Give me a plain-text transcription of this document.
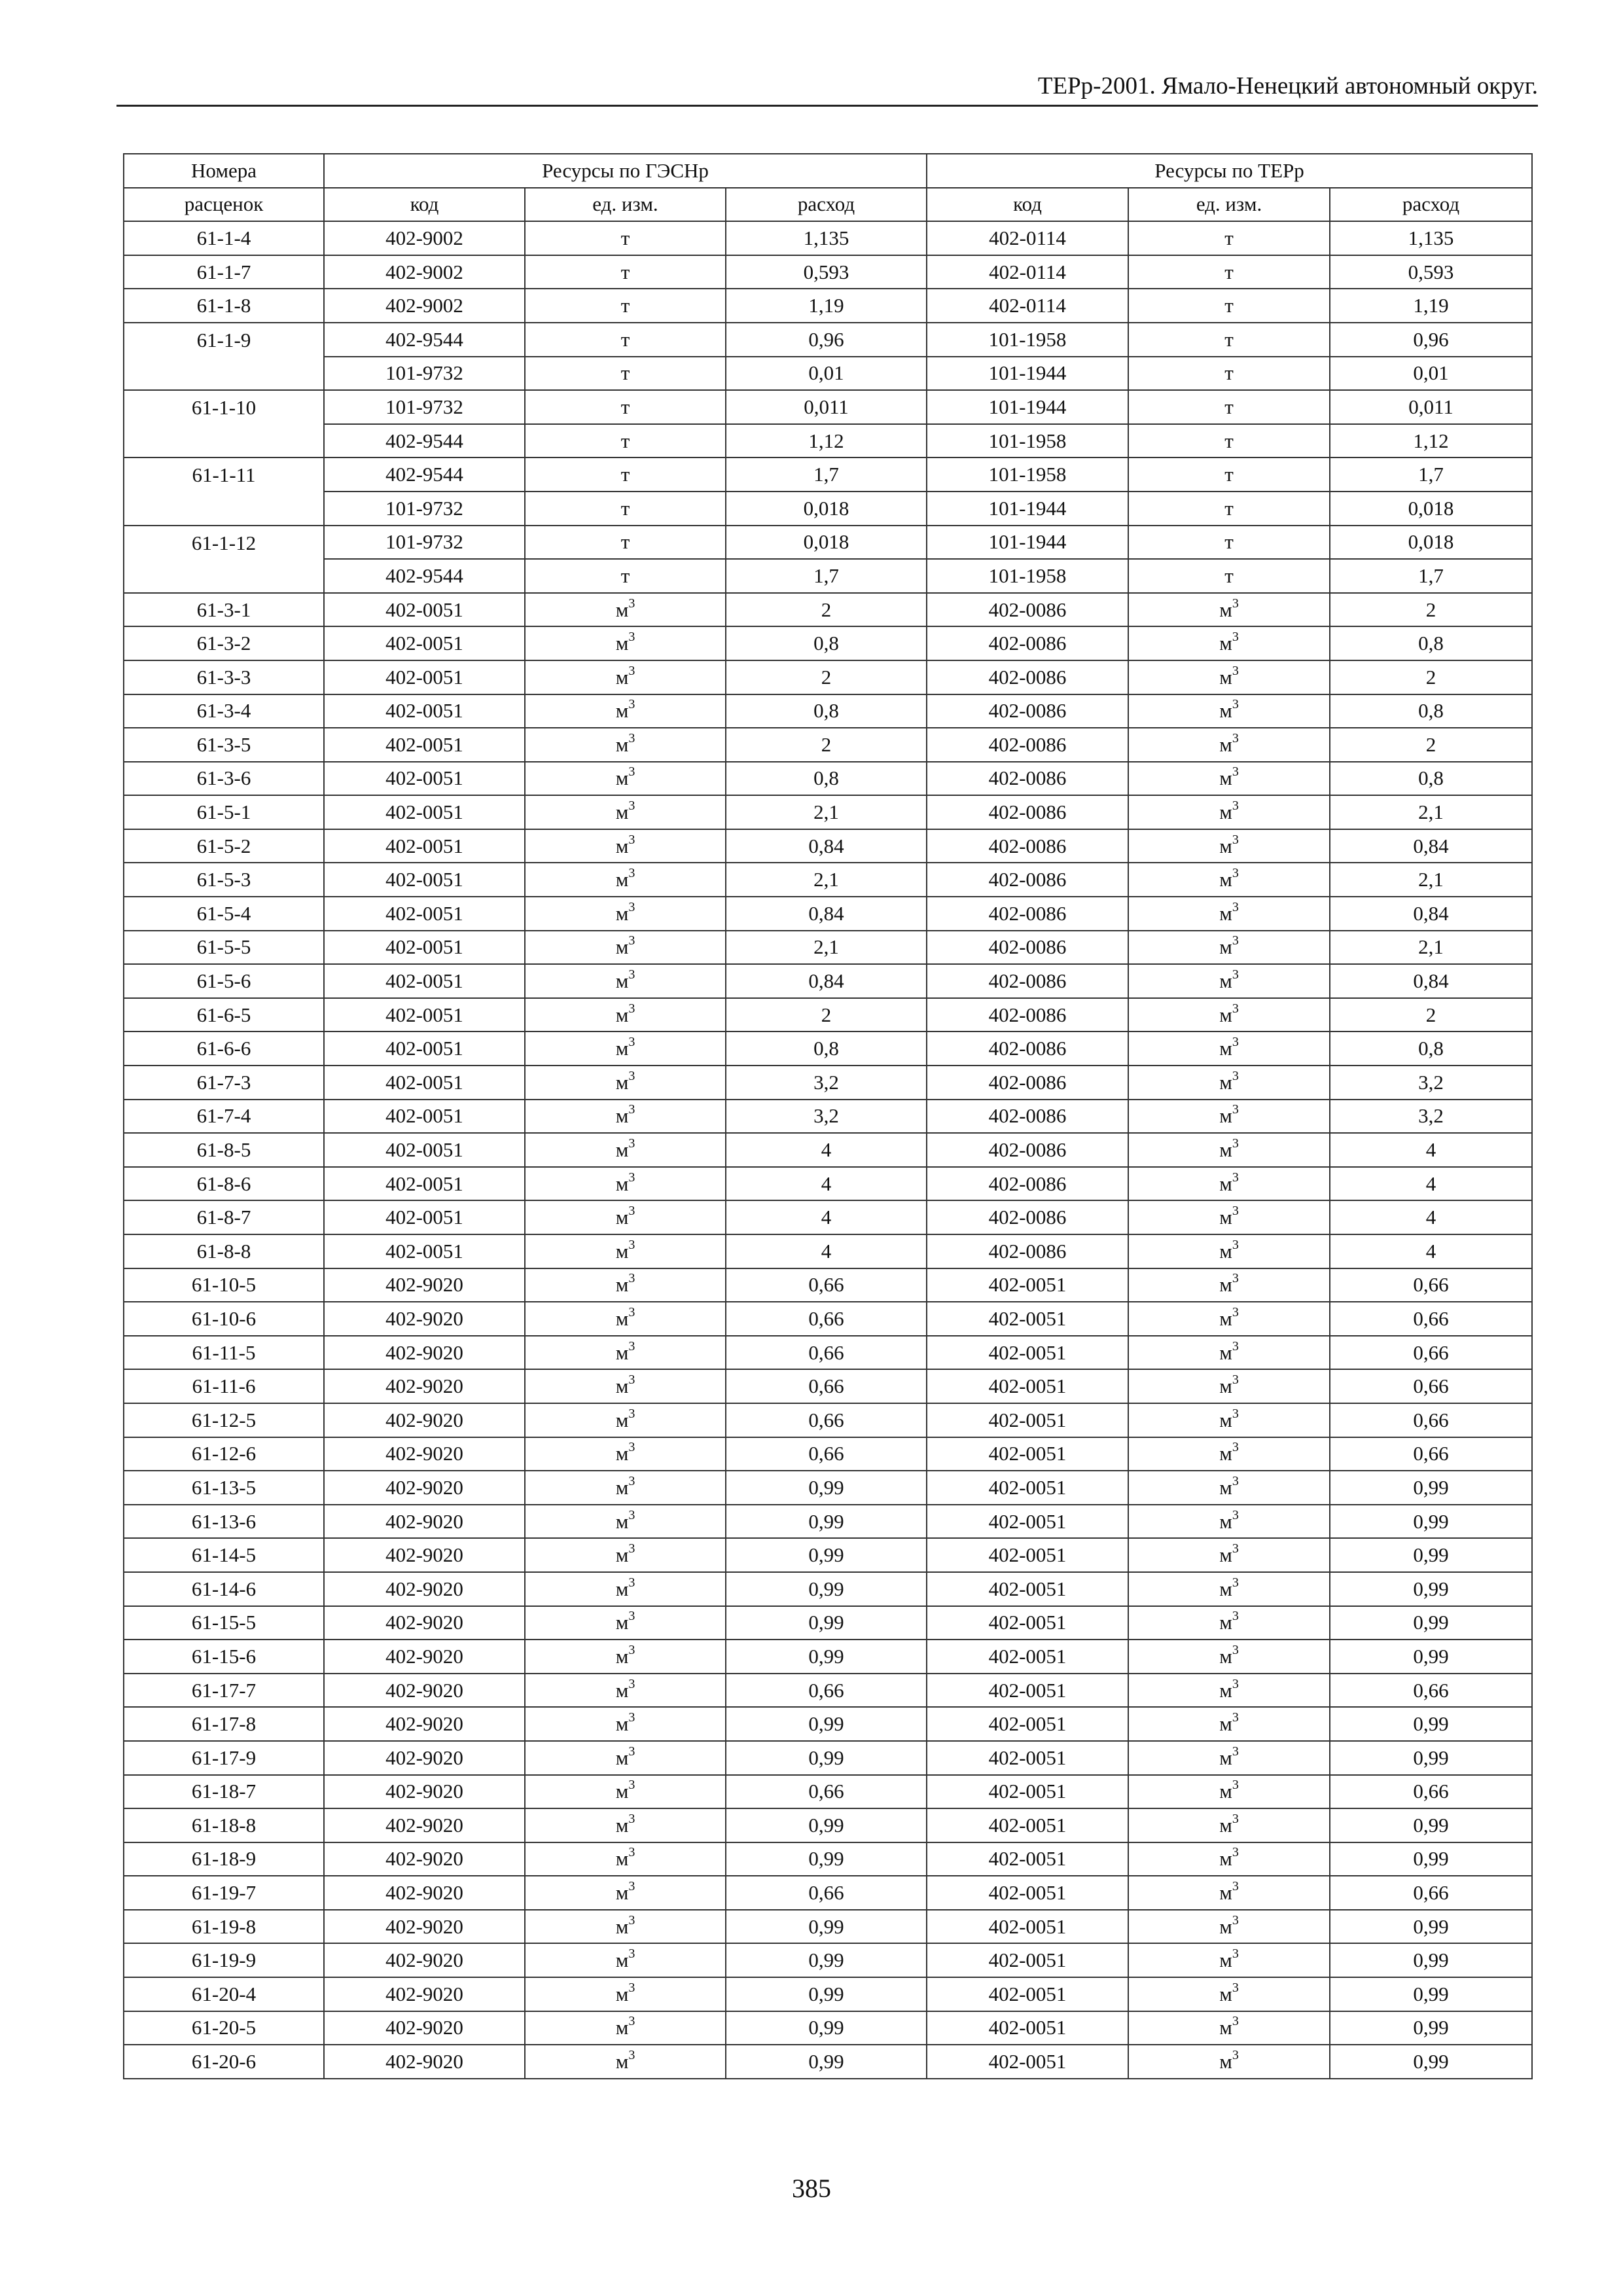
ТЕРр-2001. Ямало-Ненецкий автономный округ.
Номера	Ресурсы по ГЭСНр			Ресурсы по ТЕРр		
расценок	код	ед. изм.	расход	код	ед. изм.	расход
61-1-4	402-9002	т	1,135	402-0114	т	1,135
61-1-7	402-9002	т	0,593	402-0114	т	0,593
61-1-8	402-9002	т	1,19	402-0114	т	1,19
61-1-9	402-9544	т	0,96	101-1958	т	0,96
	101-9732	т	0,01	101-1944	т	0,01
61-1-10	101-9732	т	0,011	101-1944	т	0,011
	402-9544	т	1,12	101-1958	т	1,12
61-1-11	402-9544	т	1,7	101-1958	т	1,7
	101-9732	т	0,018	101-1944	т	0,018
61-1-12	101-9732	т	0,018	101-1944	т	0,018
	402-9544	т	1,7	101-1958	т	1,7
61-3-1	402-0051	$м^3$	2	402-0086	$м^3$	2
61-3-2	402-0051	$м^3$	0,8	402-0086	$м^3$	0,8
61-3-3	402-0051	$м^3$	2	402-0086	$м^3$	2
61-3-4	402-0051	$м^3$	0,8	402-0086	$м^3$	0,8
61-3-5	402-0051	$м^3$	2	402-0086	$м^3$	2
61-3-6	402-0051	$м^3$	0,8	402-0086	$м^3$	0,8
61-5-1	402-0051	$м^3$	2,1	402-0086	$м^3$	2,1
61-5-2	402-0051	$м^3$	0,84	402-0086	$м^3$	0,84
61-5-3	402-0051	$м^3$	2,1	402-0086	$м^3$	2,1
61-5-4	402-0051	$м^3$	0,84	402-0086	$м^3$	0,84
61-5-5	402-0051	$м^3$	2,1	402-0086	$м^3$	2,1
61-5-6	402-0051	$м^3$	0,84	402-0086	$м^3$	0,84
61-6-5	402-0051	$м^3$	2	402-0086	$м^3$	2
61-6-6	402-0051	$м^3$	0,8	402-0086	$м^3$	0,8
61-7-3	402-0051	$м^3$	3,2	402-0086	$м^3$	3,2
61-7-4	402-0051	$м^3$	3,2	402-0086	$м^3$	3,2
61-8-5	402-0051	$м^3$	4	402-0086	$м^3$	4
61-8-6	402-0051	$м^3$	4	402-0086	$м^3$	4
61-8-7	402-0051	$м^3$	4	402-0086	$м^3$	4
61-8-8	402-0051	$м^3$	4	402-0086	$м^3$	4
61-10-5	402-9020	$м^3$	0,66	402-0051	$м^3$	0,66
61-10-6	402-9020	$м^3$	0,66	402-0051	$м^3$	0,66
61-11-5	402-9020	$м^3$	0,66	402-0051	$м^3$	0,66
61-11-6	402-9020	$м^3$	0,66	402-0051	$м^3$	0,66
61-12-5	402-9020	$м^3$	0,66	402-0051	$м^3$	0,66
61-12-6	402-9020	$м^3$	0,66	402-0051	$м^3$	0,66
61-13-5	402-9020	$м^3$	0,99	402-0051	$м^3$	0,99
61-13-6	402-9020	$м^3$	0,99	402-0051	$м^3$	0,99
61-14-5	402-9020	$м^3$	0,99	402-0051	$м^3$	0,99
61-14-6	402-9020	$м^3$	0,99	402-0051	$м^3$	0,99
61-15-5	402-9020	$м^3$	0,99	402-0051	$м^3$	0,99
61-15-6	402-9020	$м^3$	0,99	402-0051	$м^3$	0,99
61-17-7	402-9020	$м^3$	0,66	402-0051	$м^3$	0,66
61-17-8	402-9020	$м^3$	0,99	402-0051	$м^3$	0,99
61-17-9	402-9020	$м^3$	0,99	402-0051	$м^3$	0,99
61-18-7	402-9020	$м^3$	0,66	402-0051	$м^3$	0,66
61-18-8	402-9020	$м^3$	0,99	402-0051	$м^3$	0,99
61-18-9	402-9020	$м^3$	0,99	402-0051	$м^3$	0,99
61-19-7	402-9020	$м^3$	0,66	402-0051	$м^3$	0,66
61-19-8	402-9020	$м^3$	0,99	402-0051	$м^3$	0,99
61-19-9	402-9020	$м^3$	0,99	402-0051	$м^3$	0,99
61-20-4	402-9020	$м^3$	0,99	402-0051	$м^3$	0,99
61-20-5	402-9020	$м^3$	0,99	402-0051	$м^3$	0,99
61-20-6	402-9020	$м^3$	0,99	402-0051	$м^3$	0,99
385
